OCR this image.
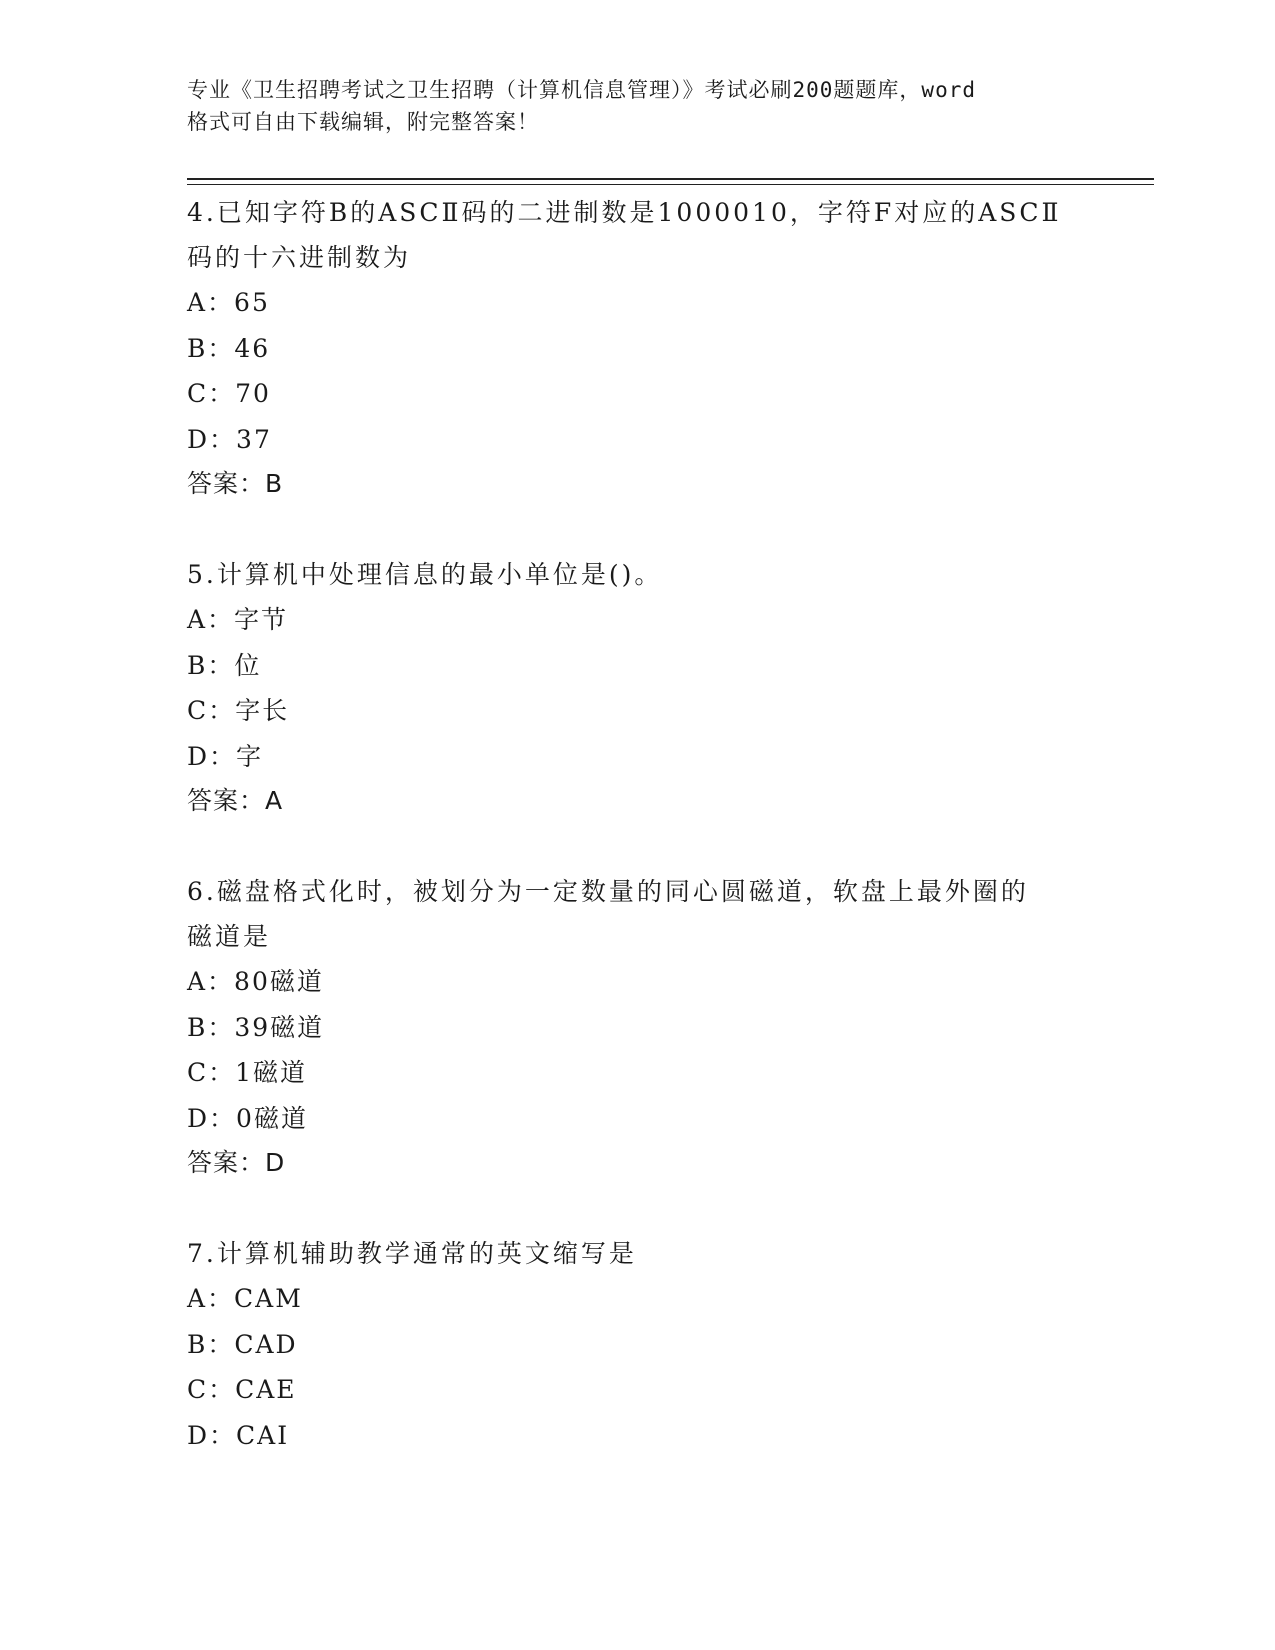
专业《卫生招聘考试之卫生招聘（计算机信息管理）》考试必刷200题题库，word
格式可自由下载编辑，附完整答案！
4.已知字符B的ASCⅡ码的二进制数是1000010，字符F对应的ASCⅡ
码的十六进制数为
A：65
B：46
C：70
D：37
答案：B
5.计算机中处理信息的最小单位是()。
A：字节
B：位
C：字长
D：字
答案：A
6.磁盘格式化时，被划分为一定数量的同心圆磁道，软盘上最外圈的
磁道是
A：80磁道
B：39磁道
C：1磁道
D：0磁道
答案：D
7.计算机辅助教学通常的英文缩写是
A：CAM
B：CAD
C：CAE
D：CAI
